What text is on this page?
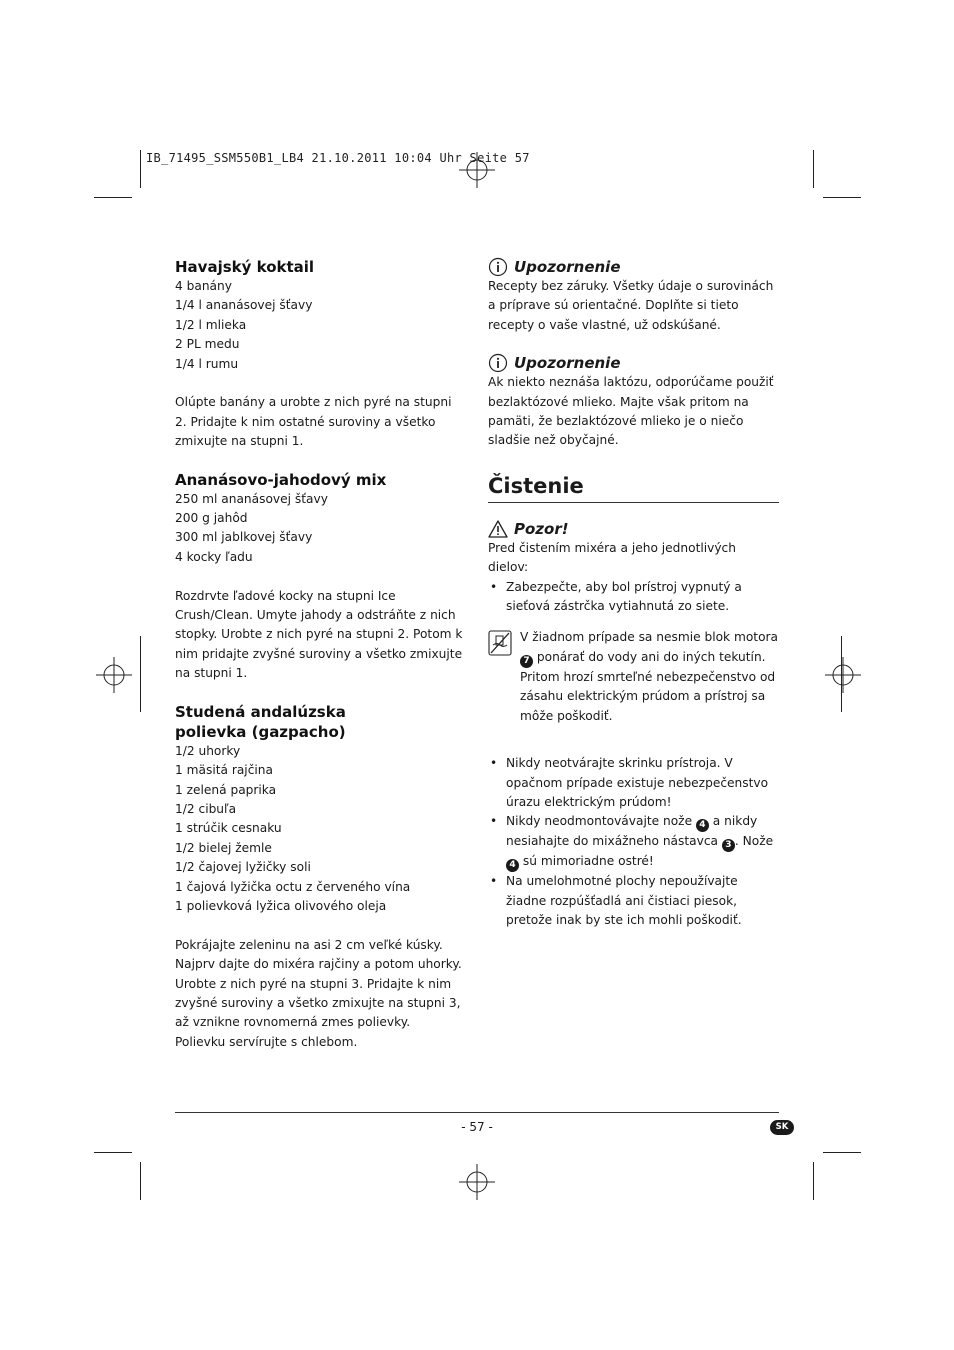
IB_71495_SSM550B1_LB4 21.10.2011 10:04 Uhr Seite 57
Havajský koktail

4 banány

1/4 l ananásovej šťavy

1/2 l mlieka

2 PL medu

1/4 l rumu

Olúpte banány a urobte z nich pyré na stupni 2. Pridajte k nim ostatné suroviny a všetko zmixujte na stupni 1.

Ananásovo-jahodový mix

250 ml ananásovej šťavy

200 g jahôd

300 ml jablkovej šťavy

4 kocky ľadu

Rozdrvte ľadové kocky na stupni Ice Crush/Clean. Umyte jahody a odstráňte z nich stopky. Urobte z nich pyré na stupni 2. Potom k nim pridajte zvyšné suroviny a všetko zmixujte na stupni 1.

Studená andalúzska polievka (gazpacho)

1/2 uhorky

1 mäsitá rajčina

1 zelená paprika

1/2 cibuľa

1 strúčik cesnaku

1/2 bielej žemle

1/2 čajovej lyžičky soli

1 čajová lyžička octu z červeného vína

1 polievková lyžica olivového oleja

Pokrájajte zeleninu na asi 2 cm veľké kúsky. Najprv dajte do mixéra rajčiny a potom uhorky. Urobte z nich pyré na stupni 3. Pridajte k nim zvyšné suroviny a všetko zmixujte na stupni 3, až vznikne rovnomerná zmes polievky.

Polievku servírujte s chlebom.

Upozornenie

Recepty bez záruky. Všetky údaje o surovinách a príprave sú orientačné. Doplňte si tieto recepty o vaše vlastné, už odskúšané.

Upozornenie

Ak niekto neznáša laktózu, odporúčame použiť bezlaktózové mlieko. Majte však pritom na pamäti, že bezlaktózové mlieko je o niečo sladšie než obyčajné.

Čistenie
Pozor!

Pred čistením mixéra a jeho jednotlivých dielov:

• Zabezpečte, aby bol prístroj vypnutý a sieťová zástrčka vytiahnutá zo siete.

V žiadnom prípade sa nesmie blok motora 7 ponárať do vody ani do iných tekutín. Pritom hrozí smrteľné nebezpečenstvo od zásahu elektrickým prúdom a prístroj sa môže poškodiť.

• Nikdy neotvárajte skrinku prístroja. V opačnom prípade existuje nebezpečenstvo úrazu elektrickým prúdom!
• Nikdy neodmontovávajte nože 4 a nikdy nesiahajte do mixážneho nástavca 3 . Nože 4 sú mimoriadne ostré!
• Na umelohmotné plochy nepoužívajte žiadne rozpúšťadlá ani čistiaci piesok, pretože inak by ste ich mohli poškodiť.
- 57 -	SK
